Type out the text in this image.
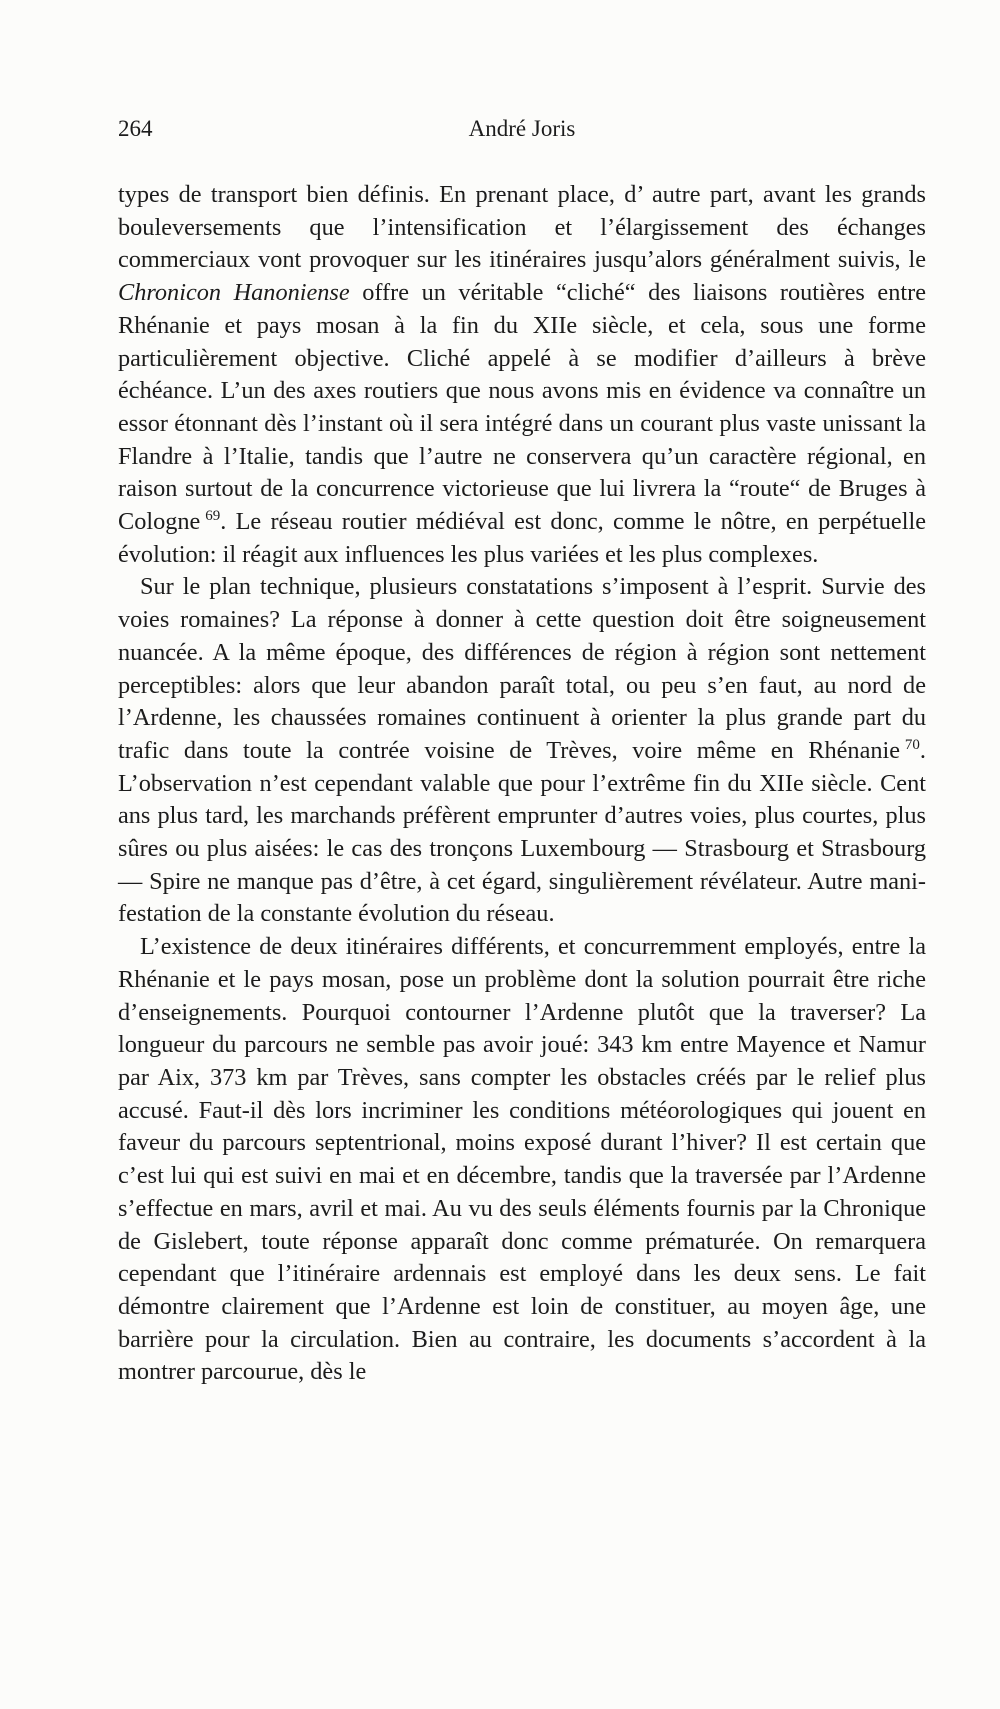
264	André Joris

types de transport bien définis. En prenant place, d’ autre part, avant les grands bouleversements que l’intensification et l’élargissement des échanges commerciaux vont provoquer sur les itinéraires jusqu’alors généralment suivis, le Chronicon Hanoniense offre un véritable “cliché“ des liaisons routières entre Rhénanie et pays mosan à la fin du XIIe siècle, et cela, sous une forme particulièrement objective. Cliché appelé à se modifier d’ailleurs à brève échéance. L’un des axes routiers que nous avons mis en évidence va connaître un essor étonnant dès l’instant où il sera intégré dans un courant plus vaste unissant la Flandre à l’Italie, tandis que l’autre ne conservera qu’un caractère régional, en raison surtout de la concurrence victorieuse que lui livrera la “route“ de Bruges à Cologne  $^{69}$. Le réseau routier médiéval est donc, comme le nôtre, en perpétuelle évolution: il réagit aux influences les plus variées et les plus complexes.

Sur le plan technique, plusieurs constatations s’imposent à l’esprit. Survie des voies romaines? La réponse à donner à cette question doit être soigneusement nuancée. A la même époque, des différences de région à région sont nettement perceptibles: alors que leur abandon paraît total, ou peu s’en faut, au nord de l’Ardenne, les chaussées romaines continuent à orienter la plus grande part du trafic dans toute la contrée voisine de Trèves, voire même en Rhénanie  $^{70}$. L’observation n’est cependant valable que pour l’extrême fin du XIIe siècle. Cent ans plus tard, les marchands préfèrent emprunter d’autres voies, plus courtes, plus sûres ou plus aisées: le cas des tronçons Luxembourg — Strasbourg et Strasbourg — Spire ne manque pas d’être, à cet égard, singulièrement révélateur. Autre manifestation de la constante évolution du réseau.

L’existence de deux itinéraires différents, et concurremment employés, entre la Rhénanie et le pays mosan, pose un problème dont la solution pourrait être riche d’enseignements. Pourquoi contourner l’Ardenne plutôt que la traverser? La longueur du parcours ne semble pas avoir joué: 343 km entre Mayence et Namur par Aix, 373 km par Trèves, sans compter les obstacles créés par le relief plus accusé. Faut-il dès lors incriminer les conditions météorologiques qui jouent en faveur du parcours septentrional, moins exposé durant l’hiver? Il est certain que c’est lui qui est suivi en mai et en décembre, tandis que la traversée par l’Ardenne s’effectue en mars, avril et mai. Au vu des seuls éléments fournis par la Chronique de Gislebert, toute réponse apparaît donc comme prématurée. On remarquera cependant que l’itinéraire ardennais est employé dans les deux sens. Le fait démontre clairement que l’Ardenne est loin de constituer, au moyen âge, une barrière pour la circulation. Bien au contraire, les documents s’accordent à la montrer parcourue, dès le
